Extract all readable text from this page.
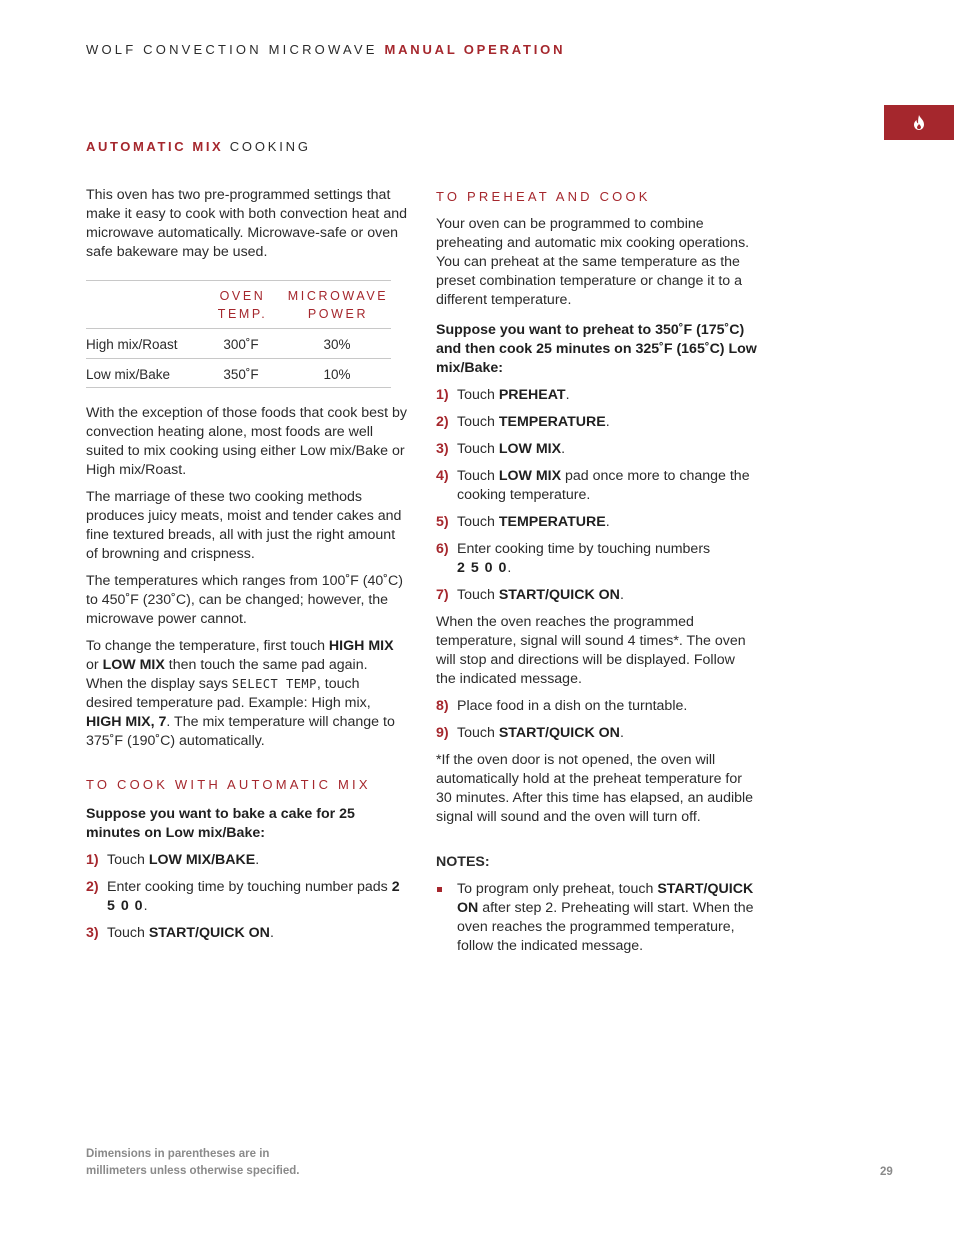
WOLF CONVECTION MICROWAVE MANUAL OPERATION
AUTOMATIC MIX COOKING

This oven has two pre-programmed settings that make it easy to cook with both convection heat and microwave automatically. Microwave-safe or oven safe bakeware may be used.

OVEN
TEMP.
MICROWAVE
POWER
High mix/Roast	300˚F	30%
Low mix/Bake	350˚F	10%

With the exception of those foods that cook best by convection heating alone, most foods are well suited to mix cooking using either Low mix/Bake or High mix/Roast.

The marriage of these two cooking methods produces juicy meats, moist and tender cakes and fine textured breads, all with just the right amount of browning and crispness.

The temperatures which ranges from 100˚F (40˚C) to 450˚F (230˚C), can be changed; however, the microwave power cannot.

To change the temperature, first touch HIGH MIX or LOW MIX then touch the same pad again. When the display says SELECT TEMP, touch desired temperature pad. Example: High mix, HIGH MIX, 7. The mix temperature will change to 375˚F (190˚C) automatically.

TO COOK WITH AUTOMATIC MIX

Suppose you want to bake a cake for 25 minutes on Low mix/Bake:

1) Touch LOW MIX/BAKE.
2) Enter cooking time by touching number pads 2 5 0 0.
3) Touch START/QUICK ON.
TO PREHEAT AND COOK

Your oven can be programmed to combine preheating and automatic mix cooking operations. You can preheat at the same temperature as the preset combination temperature or change it to a different temperature.

Suppose you want to preheat to 350˚F (175˚C) and then cook 25 minutes on 325˚F (165˚C) Low mix/Bake:

1) Touch PREHEAT.
2) Touch TEMPERATURE.
3) Touch LOW MIX.
4) Touch LOW MIX pad once more to change the cooking temperature.
5) Touch TEMPERATURE.
6) Enter cooking time by touching numbers
2 5 0 0.
7) Touch START/QUICK ON.

When the oven reaches the programmed temperature, signal will sound 4 times*. The oven will stop and directions will be displayed. Follow the indicated message.

8) Place food in a dish on the turntable.
9) Touch START/QUICK ON.

*If the oven door is not opened, the oven will automatically hold at the preheat temperature for 30 minutes. After this time has elapsed, an audible signal will sound and the oven will turn off.

NOTES:

To program only preheat, touch START/QUICK ON after step 2. Preheating will start. When the oven reaches the programmed temperature, follow the indicated message.
Dimensions in parentheses are in
millimeters unless otherwise specified.	29
